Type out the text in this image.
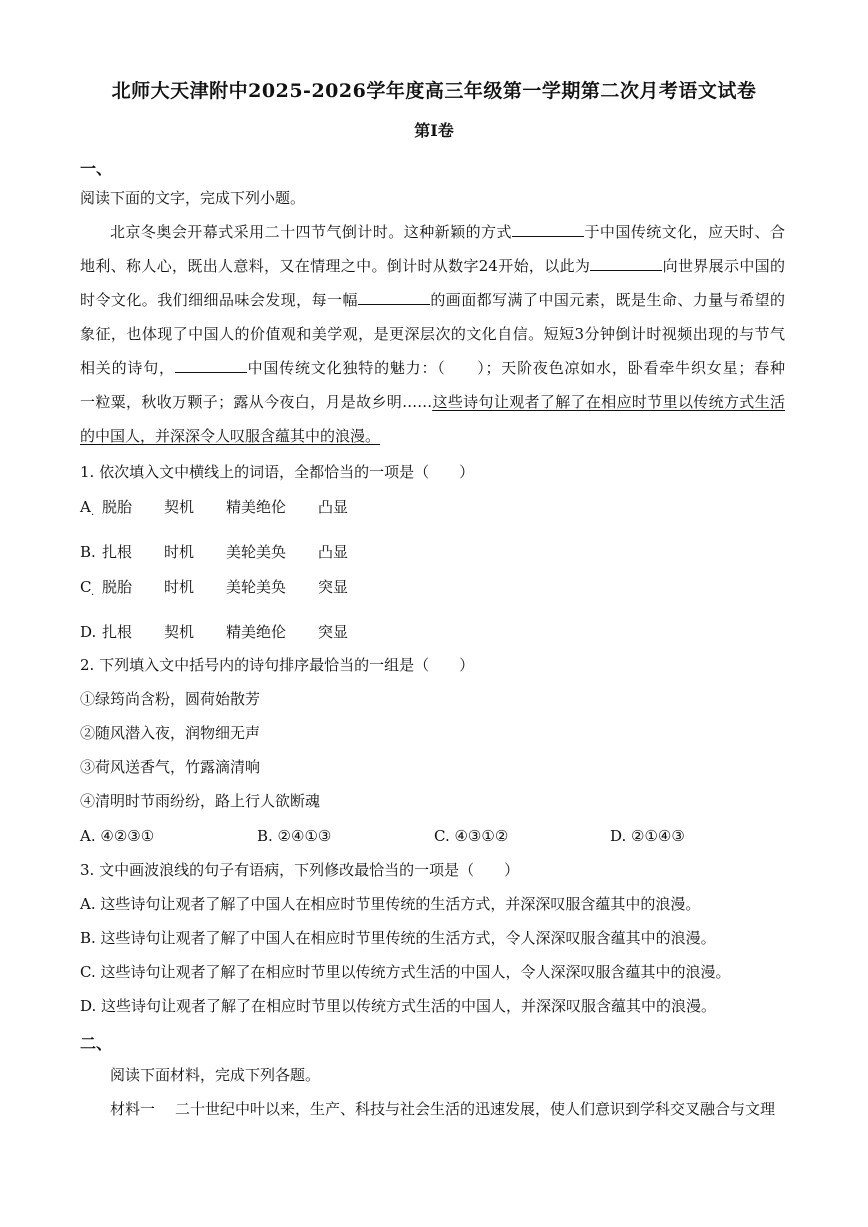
北师大天津附中2025-2026学年度高三年级第一学期第二次月考语文试卷
第Ⅰ卷
一、
阅读下面的文字，完成下列小题。
北京冬奥会开幕式采用二十四节气倒计时。这种新颖的方式	于中国传统文化，应天时、合
地利、称人心，既出人意料，又在情理之中。倒计时从数字24开始，以此为	向世界展示中国的
时令文化。我们细细品味会发现，每一幅	的画面都写满了中国元素，既是生命、力量与希望的
象征，也体现了中国人的价值观和美学观，是更深层次的文化自信。短短3分钟倒计时视频出现的与节气
相关的诗句，	中国传统文化独特的魅力：（　　）；天阶夜色凉如水，卧看牵牛织女星；春种
一粒粟，秋收万颗子；露从今夜白，月是故乡明……这些诗句让观者了解了在相应时节里以传统方式生活
的中国人，并深深令人叹服含蕴其中的浪漫。
1. 依次填入文中横线上的词语，全都恰当的一项是（　　）
A 脱胎 契机 精美绝伦 凸显
·
B. 扎根 时机 美轮美奂 凸显
C 脱胎 时机 美轮美奂 突显
·
D. 扎根 契机 精美绝伦 突显
2. 下列填入文中括号内的诗句排序最恰当的一组是（　　）
①绿筠尚含粉，圆荷始散芳
②随风潜入夜，润物细无声
③荷风送香气，竹露滴清响
④清明时节雨纷纷，路上行人欲断魂
A. ④②③①	B. ②④①③	C. ④③①②	D. ②①④③
3. 文中画波浪线的句子有语病，下列修改最恰当的一项是（　　）
A. 这些诗句让观者了解了中国人在相应时节里传统的生活方式，并深深叹服含蕴其中的浪漫。
B. 这些诗句让观者了解了中国人在相应时节里传统的生活方式，令人深深叹服含蕴其中的浪漫。
C. 这些诗句让观者了解了在相应时节里以传统方式生活的中国人，令人深深叹服含蕴其中的浪漫。
D. 这些诗句让观者了解了在相应时节里以传统方式生活的中国人，并深深叹服含蕴其中的浪漫。
二、
阅读下面材料，完成下列各题。
材料一 二十世纪中叶以来，生产、科技与社会生活的迅速发展，使人们意识到学科交叉融合与文理
